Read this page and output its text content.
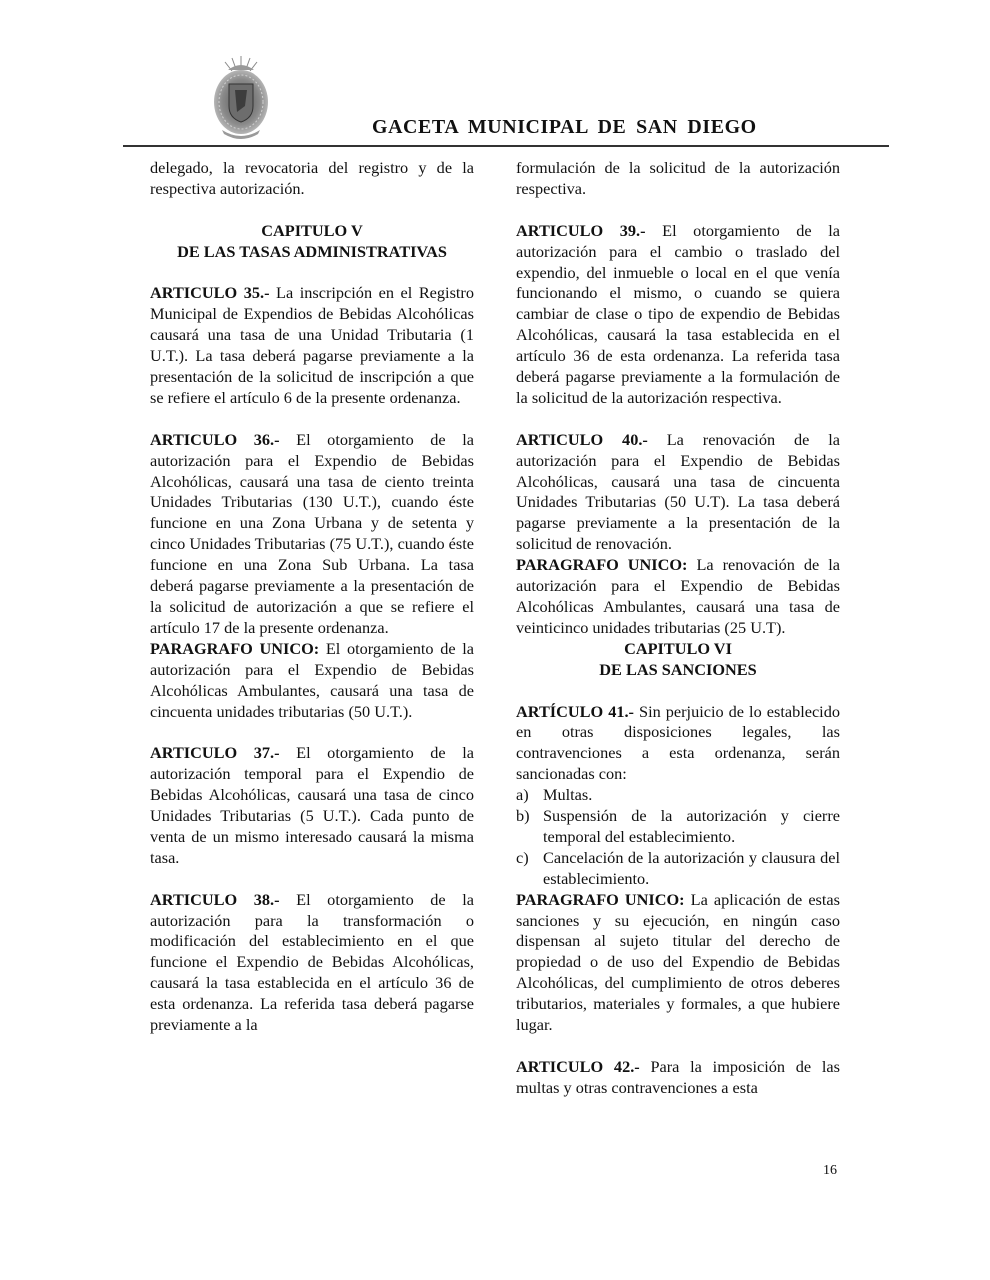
GACETA MUNICIPAL DE SAN DIEGO

delegado, la revocatoria del registro y de la respectiva autorización.

CAPITULO V

DE LAS TASAS ADMINISTRATIVAS

ARTICULO 35.- La inscripción en el Registro Municipal de Expendios de Bebidas Alcohólicas causará una tasa de una Unidad Tributaria (1 U.T.). La tasa deberá pagarse previamente a la presentación de la solicitud de inscripción a que se refiere el artículo 6 de la presente ordenanza.

ARTICULO 36.- El otorgamiento de la autorización para el Expendio de Bebidas Alcohólicas, causará una tasa de ciento treinta Unidades Tributarias (130 U.T.), cuando éste funcione en una Zona Urbana y de setenta y cinco Unidades Tributarias (75 U.T.), cuando éste funcione en una Zona Sub Urbana. La tasa deberá pagarse previamente a la presentación de la solicitud de autorización a que se refiere el artículo 17 de la presente ordenanza.

PARAGRAFO UNICO: El otorgamiento de la autorización para el Expendio de Bebidas Alcohólicas Ambulantes, causará una tasa de cincuenta unidades tributarias (50 U.T.).

ARTICULO 37.- El otorgamiento de la autorización temporal para el Expendio de Bebidas Alcohólicas, causará una tasa de cinco Unidades Tributarias (5 U.T.). Cada punto de venta de un mismo interesado causará la misma tasa.

ARTICULO 38.- El otorgamiento de la autorización para la transformación o modificación del establecimiento en el que funcione el Expendio de Bebidas Alcohólicas, causará la tasa establecida en el artículo 36 de esta ordenanza. La referida tasa deberá pagarse previamente a la

formulación de la solicitud de la autorización respectiva.

ARTICULO 39.- El otorgamiento de la autorización para el cambio o traslado del expendio, del inmueble o local en el que venía funcionando el mismo, o cuando se quiera cambiar de clase o tipo de expendio de Bebidas Alcohólicas, causará la tasa establecida en el artículo 36 de esta ordenanza. La referida tasa deberá pagarse previamente a la formulación de la solicitud de la autorización respectiva.

ARTICULO 40.- La renovación de la autorización para el Expendio de Bebidas Alcohólicas, causará una tasa de cincuenta Unidades Tributarias (50 U.T). La tasa deberá pagarse previamente a la presentación de la solicitud de renovación.

PARAGRAFO UNICO: La renovación de la autorización para el Expendio de Bebidas Alcohólicas Ambulantes, causará una tasa de veinticinco unidades tributarias (25 U.T).

CAPITULO VI

DE LAS SANCIONES

ARTÍCULO 41.- Sin perjuicio de lo establecido en otras disposiciones legales, las contravenciones a esta ordenanza, serán sancionadas con:

a) Multas.
b) Suspensión de la autorización y cierre temporal del establecimiento.
c) Cancelación de la autorización y clausura del establecimiento.

PARAGRAFO UNICO: La aplicación de estas sanciones y su ejecución, en ningún caso dispensan al sujeto titular del derecho de propiedad o de uso del Expendio de Bebidas Alcohólicas, del cumplimiento de otros deberes tributarios, materiales y formales, a que hubiere lugar.

ARTICULO 42.- Para la imposición de las multas y otras contravenciones a esta

16
